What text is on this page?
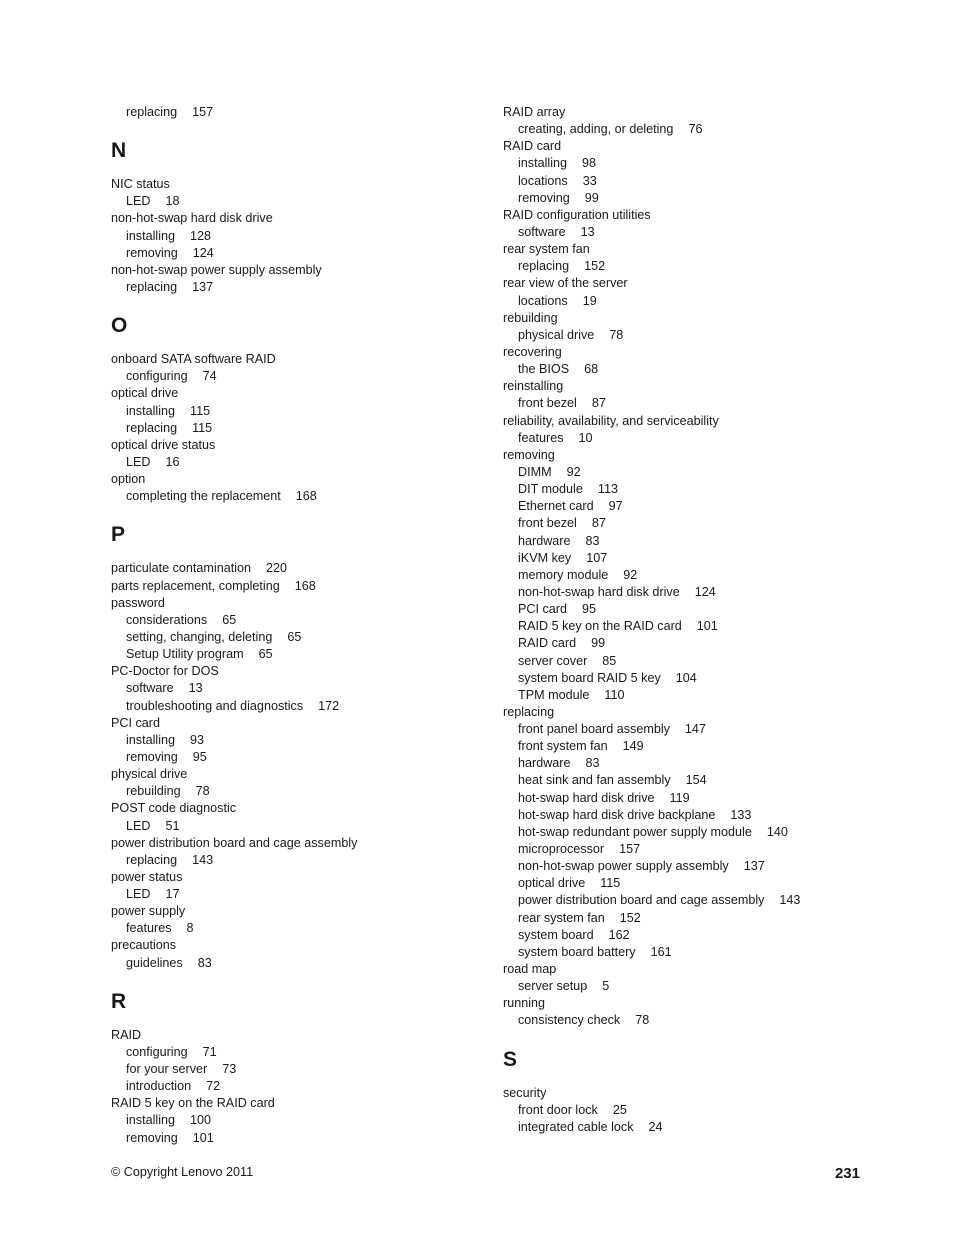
replacing 157
N
NIC status
LED 18
non-hot-swap hard disk drive
installing 128
removing 124
non-hot-swap power supply assembly
replacing 137
O
onboard SATA software RAID
configuring 74
optical drive
installing 115
replacing 115
optical drive status
LED 16
option
completing the replacement 168
P
particulate contamination 220
parts replacement, completing 168
password
considerations 65
setting, changing, deleting 65
Setup Utility program 65
PC-Doctor for DOS
software 13
troubleshooting and diagnostics 172
PCI card
installing 93
removing 95
physical drive
rebuilding 78
POST code diagnostic
LED 51
power distribution board and cage assembly
replacing 143
power status
LED 17
power supply
features 8
precautions
guidelines 83
R
RAID
configuring 71
for your server 73
introduction 72
RAID 5 key on the RAID card
installing 100
removing 101
RAID array
creating, adding, or deleting 76
RAID card
installing 98
locations 33
removing 99
RAID configuration utilities
software 13
rear system fan
replacing 152
rear view of the server
locations 19
rebuilding
physical drive 78
recovering
the BIOS 68
reinstalling
front bezel 87
reliability, availability, and serviceability
features 10
removing
DIMM 92
DIT module 113
Ethernet card 97
front bezel 87
hardware 83
iKVM key 107
memory module 92
non-hot-swap hard disk drive 124
PCI card 95
RAID 5 key on the RAID card 101
RAID card 99
server cover 85
system board RAID 5 key 104
TPM module 110
replacing
front panel board assembly 147
front system fan 149
hardware 83
heat sink and fan assembly 154
hot-swap hard disk drive 119
hot-swap hard disk drive backplane 133
hot-swap redundant power supply module 140
microprocessor 157
non-hot-swap power supply assembly 137
optical drive 115
power distribution board and cage assembly 143
rear system fan 152
system board 162
system board battery 161
road map
server setup 5
running
consistency check 78
S
security
front door lock 25
integrated cable lock 24
© Copyright Lenovo 2011	231
